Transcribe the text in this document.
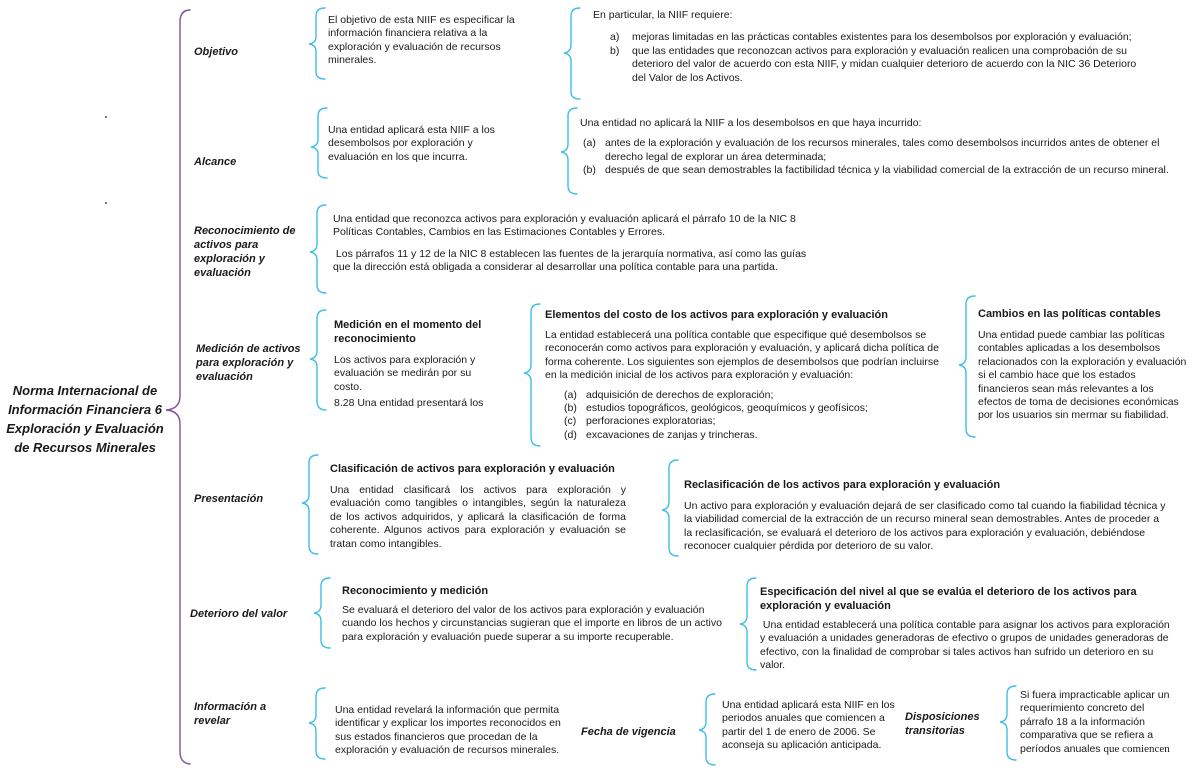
Norma Internacional de
Información Financiera 6
Exploración y Evaluación
de Recursos Minerales
Objetivo
El objetivo de esta NIIF es especificar la información financiera relativa a la exploración y evaluación de recursos minerales.
En particular, la NIIF requiere:
a) mejoras limitadas en las prácticas contables existentes para los desembolsos por exploración y evaluación;
b) que las entidades que reconozcan activos para exploración y evaluación realicen una comprobación de su deterioro del valor de acuerdo con esta NIIF, y midan cualquier deterioro de acuerdo con la NIC 36 Deterioro del Valor de los Activos.
Alcance
Una entidad aplicará esta NIIF a los desembolsos por exploración y evaluación en los que incurra.
Una entidad no aplicará la NIIF a los desembolsos en que haya incurrido:
(a) antes de la exploración y evaluación de los recursos minerales, tales como desembolsos incurridos antes de obtener el derecho legal de explorar un área determinada;
(b) después de que sean demostrables la factibilidad técnica y la viabilidad comercial de la extracción de un recurso mineral.
Reconocimiento de activos para exploración y evaluación
Una entidad que reconozca activos para exploración y evaluación aplicará el párrafo 10 de la NIC 8 Políticas Contables, Cambios en las Estimaciones Contables y Errores.
Los párrafos 11 y 12 de la NIC 8 establecen las fuentes de la jerarquía normativa, así como las guías que la dirección está obligada a considerar al desarrollar una política contable para una partida.
Medición de activos para exploración y evaluación
Medición en el momento del reconocimiento
Los activos para exploración y evaluación se medirán por su costo.
8.28 Una entidad presentará los
Elementos del costo de los activos para exploración y evaluación
La entidad establecerá una política contable que especifique qué desembolsos se reconocerán como activos para exploración y evaluación, y aplicará dicha política de forma coherente. Los siguientes son ejemplos de desembolsos que podrían incluirse en la medición inicial de los activos para exploración y evaluación:
(a) adquisición de derechos de exploración;
(b) estudios topográficos, geológicos, geoquímicos y geofísicos;
(c) perforaciones exploratorias;
(d) excavaciones de zanjas y trincheras.
Cambios en las políticas contables
Una entidad puede cambiar las políticas contables aplicadas a los desembolsos relacionados con la exploración y evaluación si el cambio hace que los estados financieros sean más relevantes a los efectos de toma de decisiones económicas por los usuarios sin mermar su fiabilidad.
Presentación
Clasificación de activos para exploración y evaluación
Una entidad clasificará los activos para exploración y evaluación como tangibles o intangibles, según la naturaleza de los activos adquiridos, y aplicará la clasificación de forma coherente. Algunos activos para exploración y evaluación se tratan como intangibles.
Reclasificación de los activos para exploración y evaluación
Un activo para exploración y evaluación dejará de ser clasificado como tal cuando la fiabilidad técnica y la viabilidad comercial de la extracción de un recurso mineral sean demostrables. Antes de proceder a la reclasificación, se evaluará el deterioro de los activos para exploración y evaluación, debiéndose reconocer cualquier pérdida por deterioro de su valor.
Deterioro del valor
Reconocimiento y medición
Se evaluará el deterioro del valor de los activos para exploración y evaluación cuando los hechos y circunstancias sugieran que el importe en libros de un activo para exploración y evaluación puede superar a su importe recuperable.
Especificación del nivel al que se evalúa el deterioro de los activos para exploración y evaluación
Una entidad establecerá una política contable para asignar los activos para exploración y evaluación a unidades generadoras de efectivo o grupos de unidades generadoras de efectivo, con la finalidad de comprobar si tales activos han sufrido un deterioro en su valor.
Información a revelar
Una entidad revelará la información que permita identificar y explicar los importes reconocidos en sus estados financieros que procedan de la exploración y evaluación de recursos minerales.
Fecha de vigencia
Una entidad aplicará esta NIIF en los periodos anuales que comiencen a partir del 1 de enero de 2006. Se aconseja su aplicación anticipada.
Disposiciones transitorias
Si fuera impracticable aplicar un requerimiento concreto del párrafo 18 a la información comparativa que se refiera a períodos anuales que comiencen
